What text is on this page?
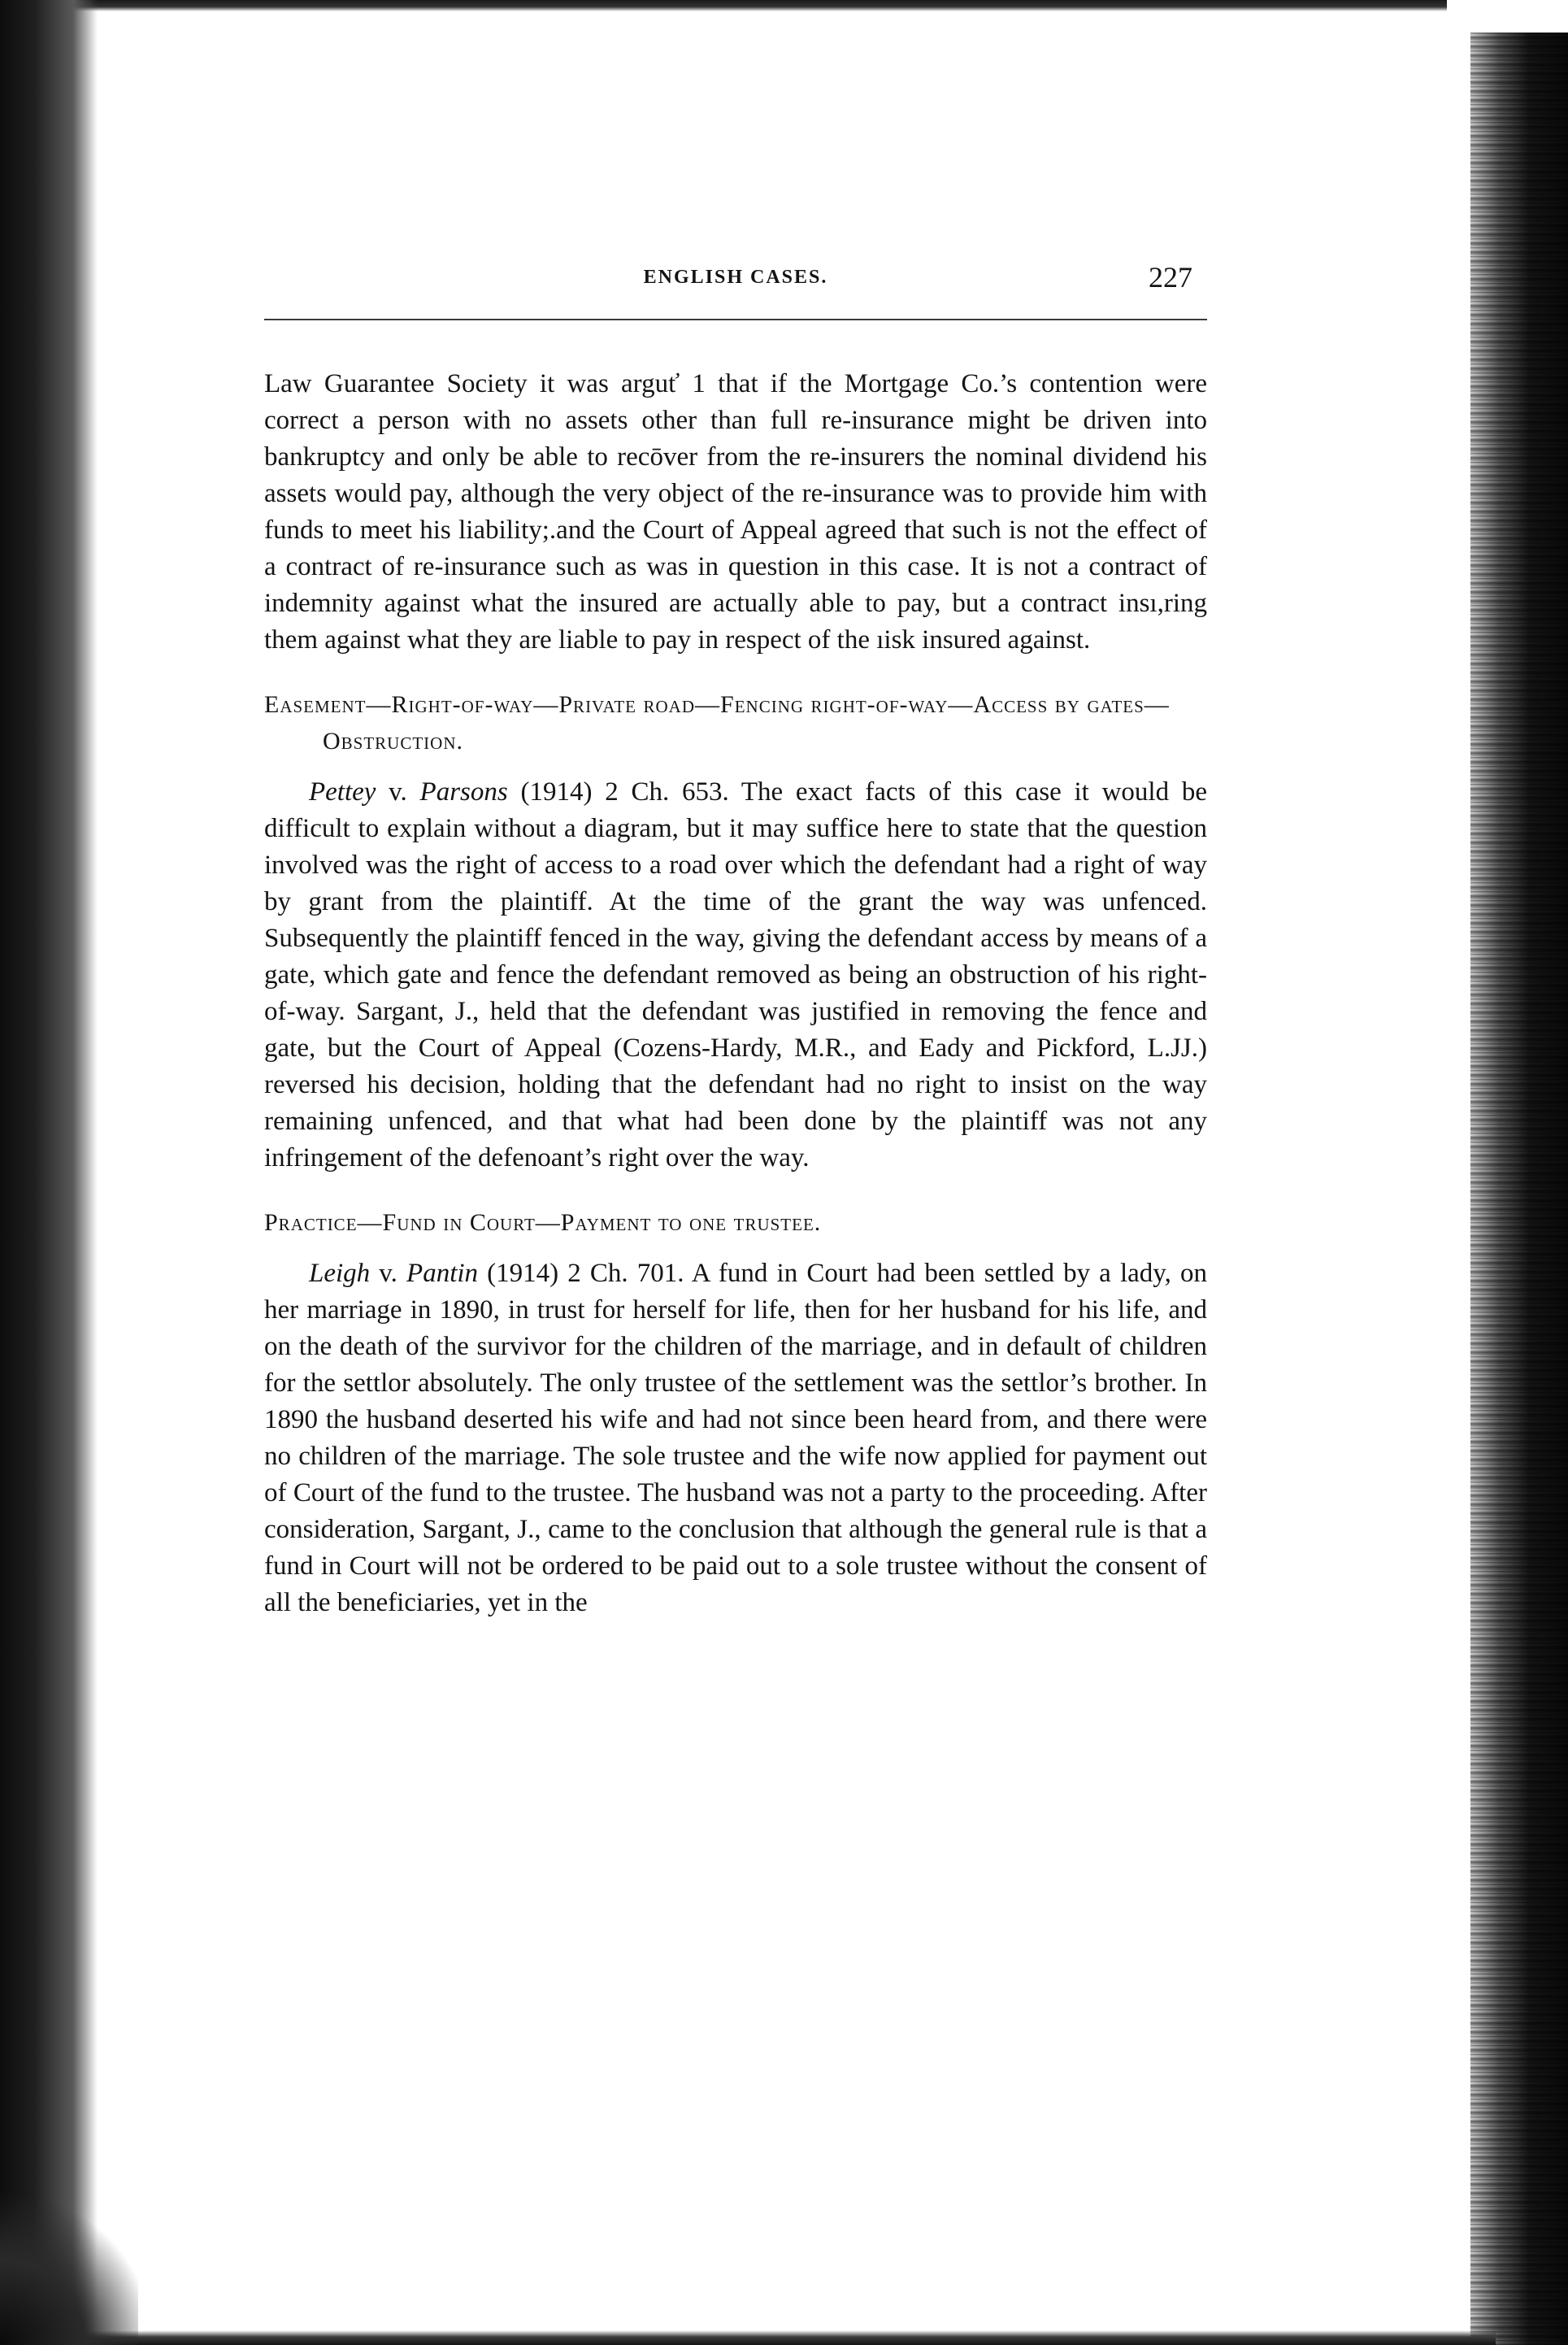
ENGLISH CASES.	227

Law Guarantee Society it was arguť 1 that if the Mortgage Co.’s contention were correct a person with no assets other than full re-insurance might be driven into bankruptcy and only be able to recōver from the re-insurers the nominal dividend his assets would pay, although the very object of the re-insurance was to provide him with funds to meet his liability;.and the Court of Appeal agreed that such is not the effect of a contract of re-insurance such as was in question in this case. It is not a contract of indemnity against what the insured are actually able to pay, but a contract insı,ring them against what they are liable to pay in respect of the ıisk insured against.

Easement—Right-of-way—Private road—Fencing right-of-way—Access by gates—Obstruction.

Pettey v. Parsons (1914) 2 Ch. 653. The exact facts of this case it would be difficult to explain without a diagram, but it may suffice here to state that the question involved was the right of access to a road over which the defendant had a right of way by grant from the plaintiff. At the time of the grant the way was unfenced. Subsequently the plaintiff fenced in the way, giving the defendant access by means of a gate, which gate and fence the defendant removed as being an obstruction of his right-of-way. Sargant, J., held that the defendant was justified in removing the fence and gate, but the Court of Appeal (Cozens-Hardy, M.R., and Eady and Pickford, L.JJ.) reversed his decision, holding that the defendant had no right to insist on the way remaining unfenced, and that what had been done by the plaintiff was not any infringement of the defenoant’s right over the way.

Practice—Fund in Court—Payment to one trustee.

Leigh v. Pantin (1914) 2 Ch. 701. A fund in Court had been settled by a lady, on her marriage in 1890, in trust for herself for life, then for her husband for his life, and on the death of the survivor for the children of the marriage, and in default of children for the settlor absolutely. The only trustee of the settlement was the settlor’s brother. In 1890 the husband deserted his wife and had not since been heard from, and there were no children of the marriage. The sole trustee and the wife now applied for payment out of Court of the fund to the trustee. The husband was not a party to the proceeding. After consideration, Sargant, J., came to the conclusion that although the general rule is that a fund in Court will not be ordered to be paid out to a sole trustee without the consent of all the beneficiaries, yet in the
